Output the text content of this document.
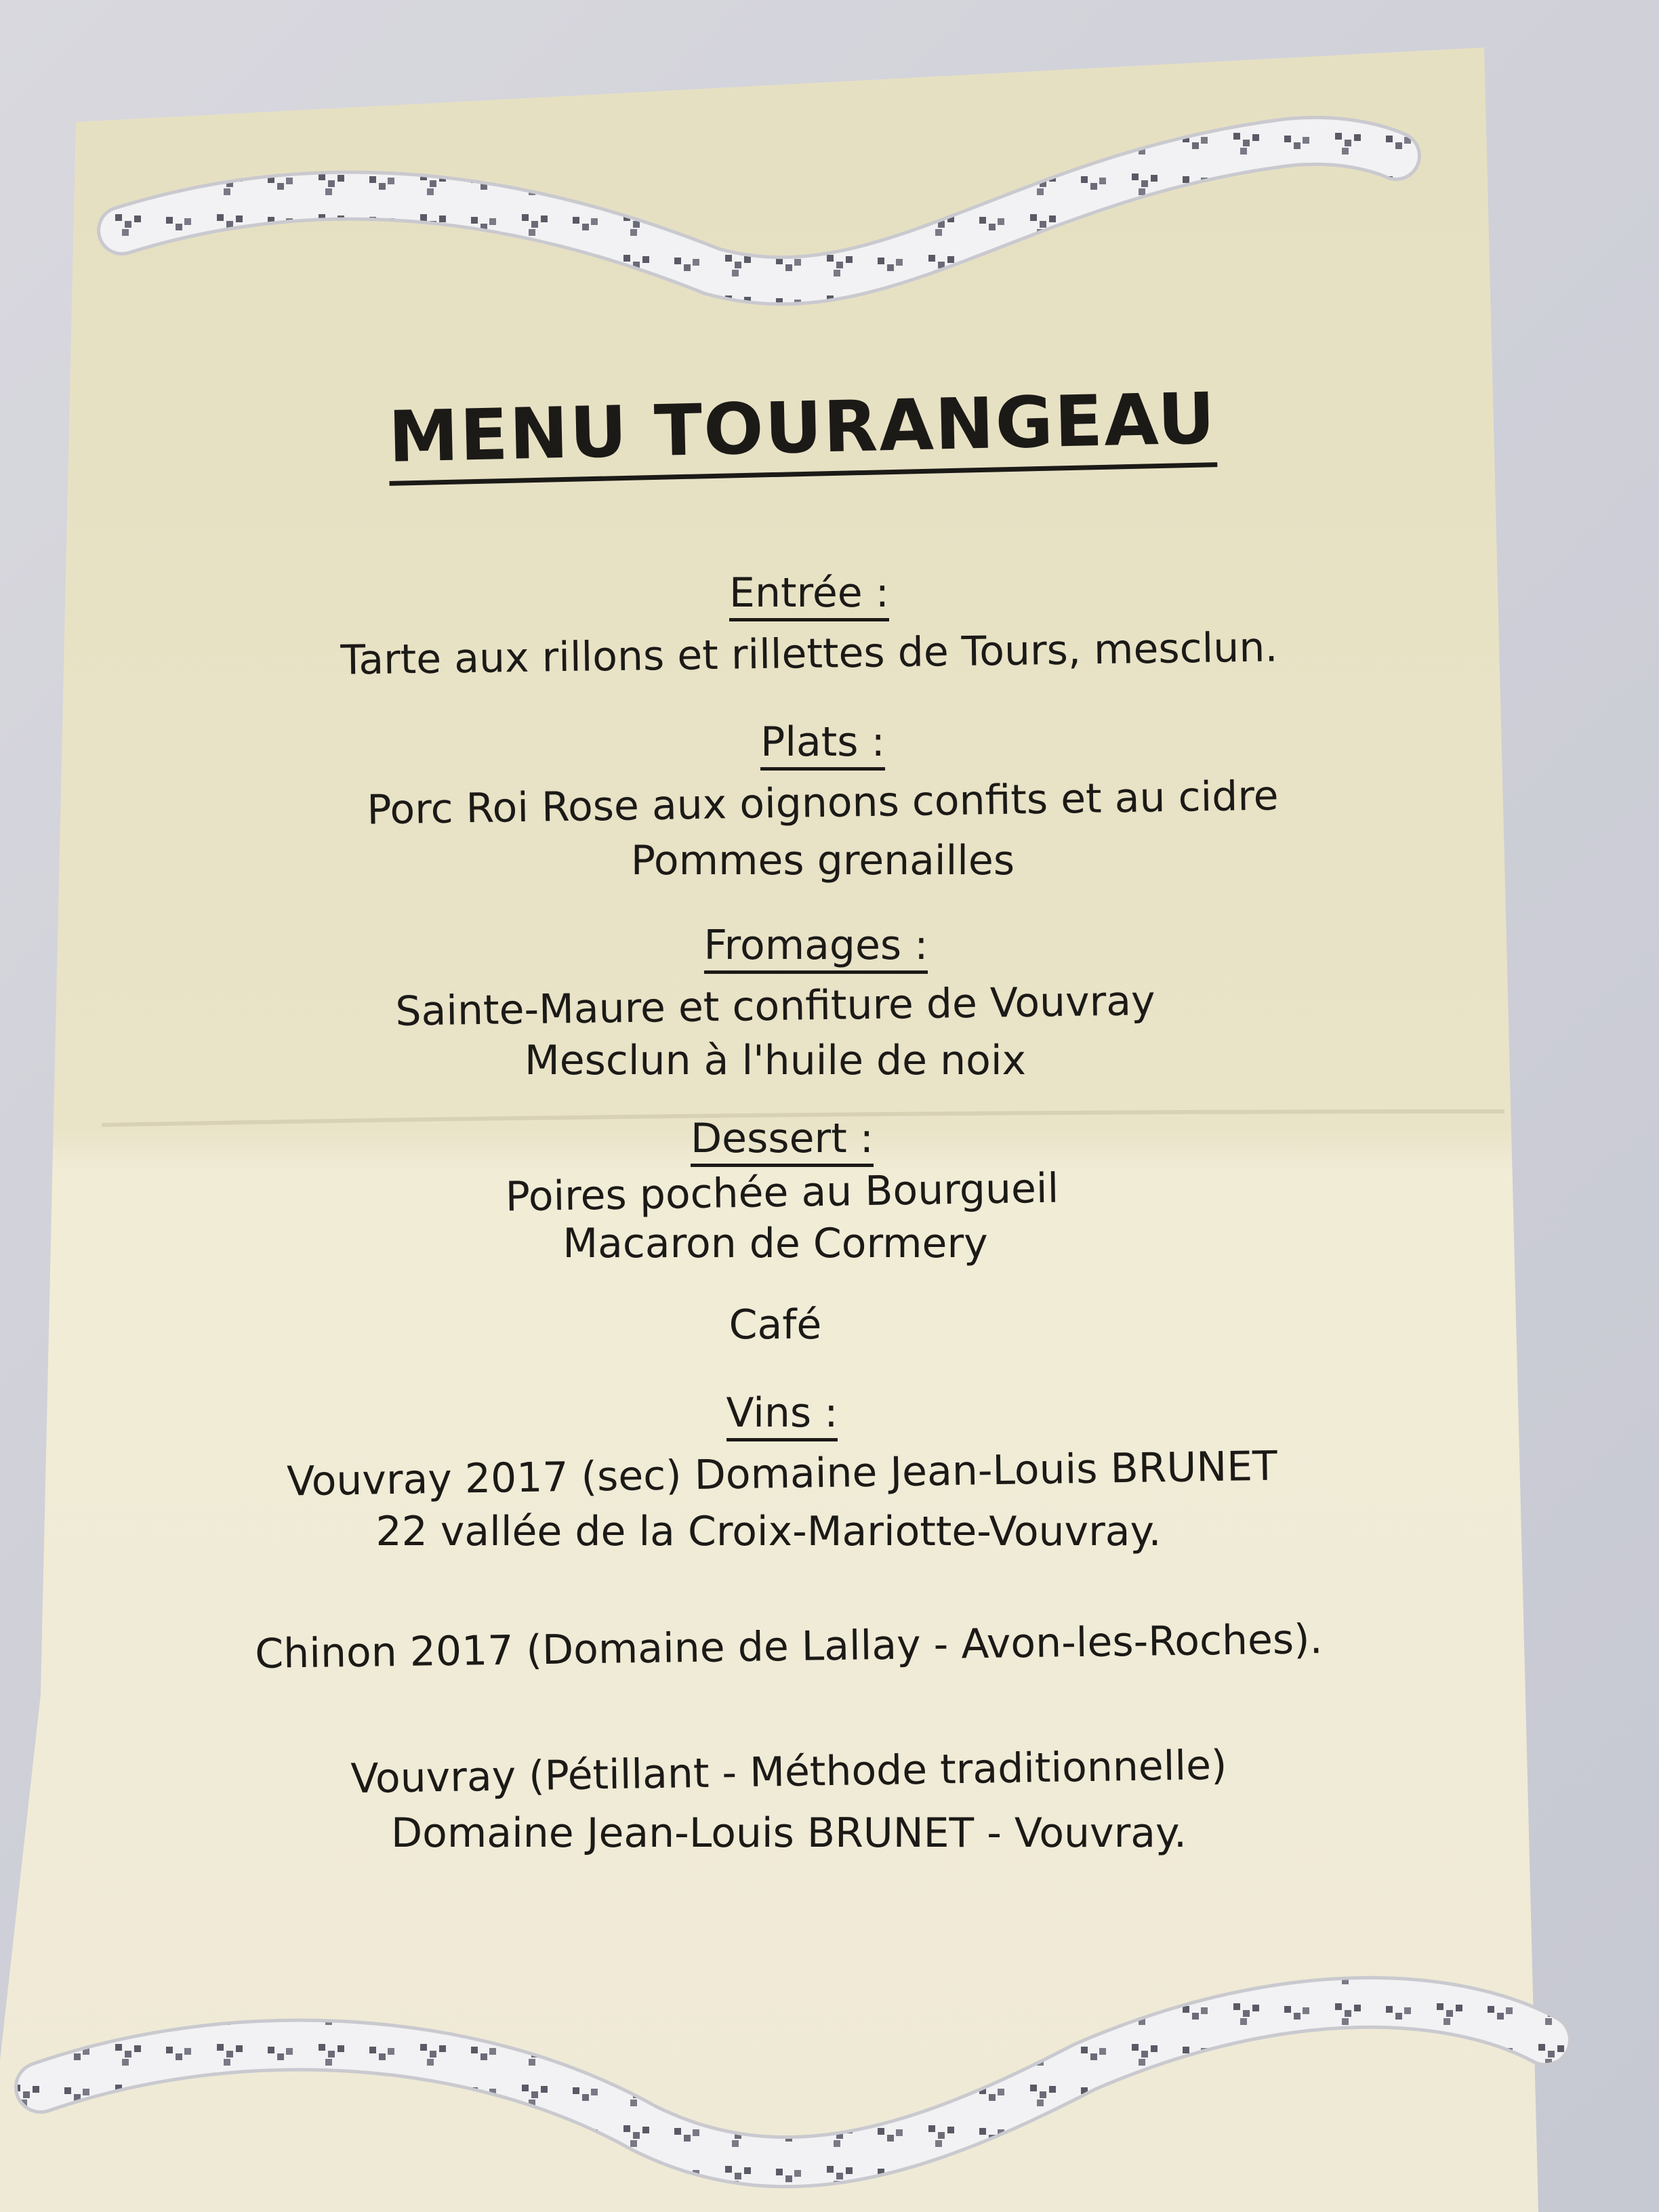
MENU TOURANGEAU
Entrée :
Tarte aux rillons et rillettes de Tours, mesclun.
Plats :
Porc Roi Rose aux oignons confits et au cidre
Pommes grenailles
Fromages :
Sainte-Maure et confiture de Vouvray
Mesclun à l'huile de noix
Dessert :
Poires pochée au Bourgueil
Macaron de Cormery
Café
Vins :
Vouvray 2017 (sec) Domaine Jean-Louis BRUNET
22 vallée de la Croix-Mariotte-Vouvray.
Chinon 2017 (Domaine de Lallay - Avon-les-Roches).
Vouvray (Pétillant - Méthode traditionnelle)
Domaine Jean-Louis BRUNET - Vouvray.
